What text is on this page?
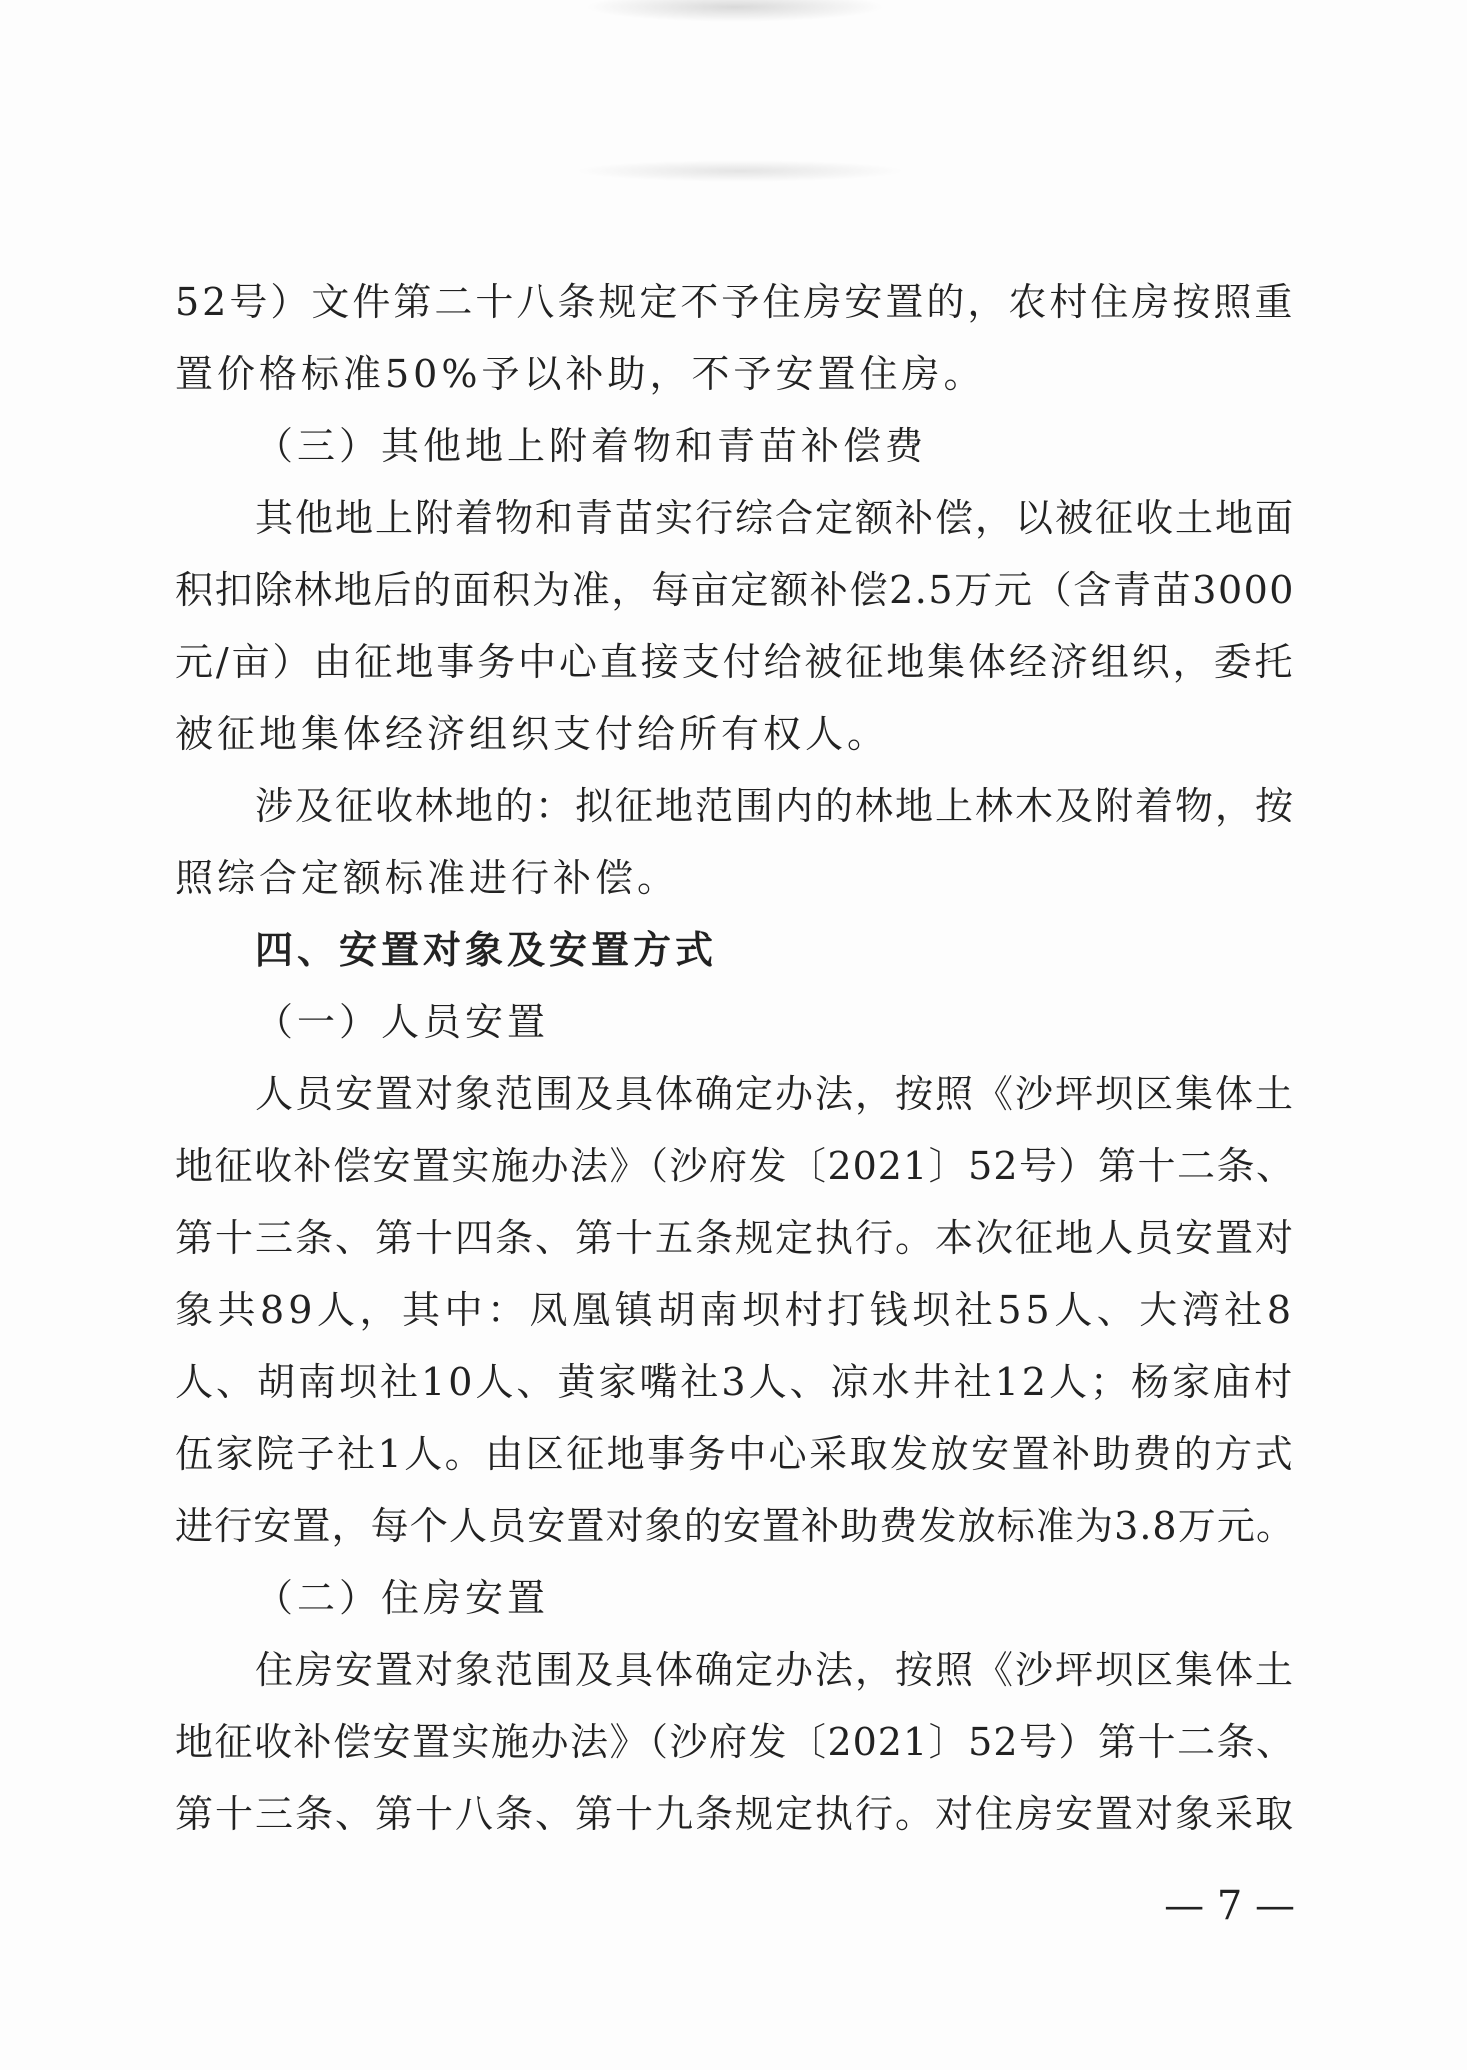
52号）文件第二十八条规定不予住房安置的，农村住房按照重
置价格标准50%予以补助，不予安置住房。
（三）其他地上附着物和青苗补偿费
其他地上附着物和青苗实行综合定额补偿，以被征收土地面
积扣除林地后的面积为准，每亩定额补偿2.5万元（含青苗3000
元/亩）由征地事务中心直接支付给被征地集体经济组织，委托
被征地集体经济组织支付给所有权人。
涉及征收林地的：拟征地范围内的林地上林木及附着物，按
照综合定额标准进行补偿。
四、安置对象及安置方式
（一）人员安置
人员安置对象范围及具体确定办法，按照《沙坪坝区集体土
地征收补偿安置实施办法》（沙府发〔2021〕52号）第十二条、
第十三条、第十四条、第十五条规定执行。本次征地人员安置对
象共89人，其中：凤凰镇胡南坝村打钱坝社55人、大湾社8
人、胡南坝社10人、黄家嘴社3人、凉水井社12人；杨家庙村
伍家院子社1人。由区征地事务中心采取发放安置补助费的方式
进行安置，每个人员安置对象的安置补助费发放标准为3.8万元。
（二）住房安置
住房安置对象范围及具体确定办法，按照《沙坪坝区集体土
地征收补偿安置实施办法》（沙府发〔2021〕52号）第十二条、
第十三条、第十八条、第十九条规定执行。对住房安置对象采取
— 7 —
